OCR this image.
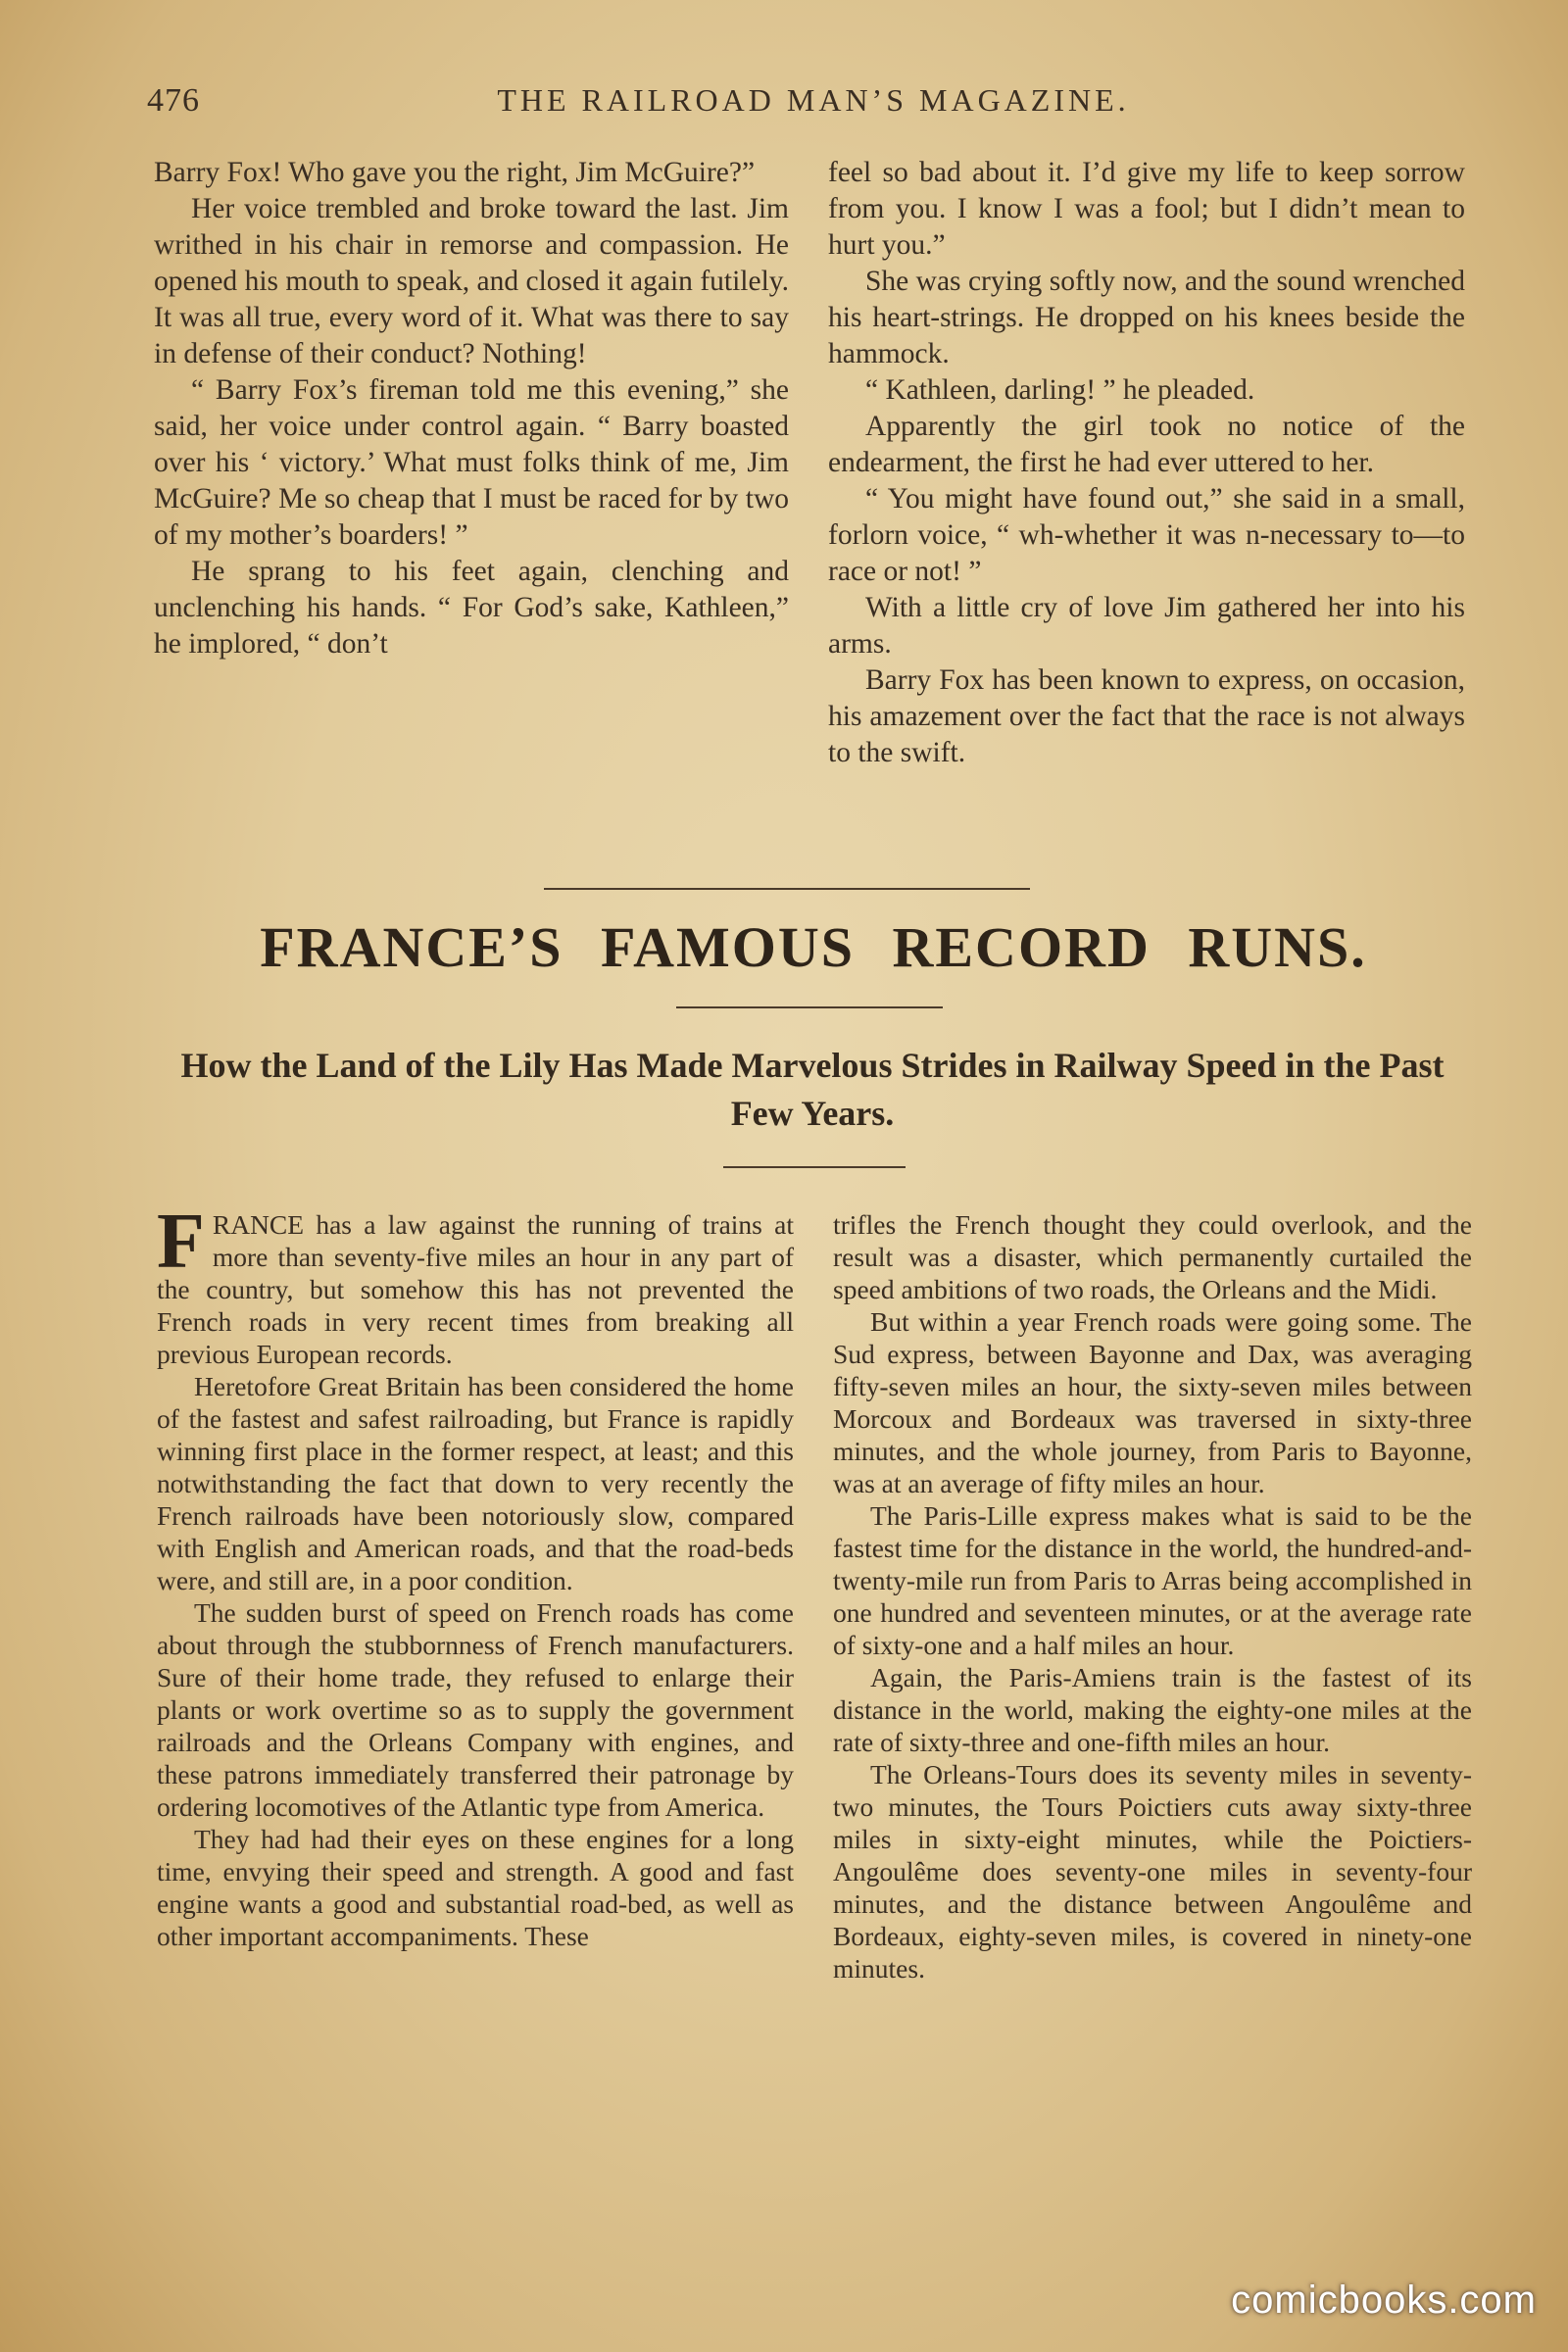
THE RAILROAD MAN’S MAGAZINE.
476

Barry Fox! Who gave you the right, Jim McGuire?”

Her voice trembled and broke toward the last. Jim writhed in his chair in remorse and compassion. He opened his mouth to speak, and closed it again futilely. It was all true, every word of it. What was there to say in defense of their conduct? Nothing!

“ Barry Fox’s fireman told me this evening,” she said, her voice under control again. “ Barry boasted over his ‘ victory.’ What must folks think of me, Jim McGuire? Me so cheap that I must be raced for by two of my mother’s boarders! ”

He sprang to his feet again, clenching and unclenching his hands. “ For God’s sake, Kathleen,” he implored, “ don’t

feel so bad about it. I’d give my life to keep sorrow from you. I know I was a fool; but I didn’t mean to hurt you.”

She was crying softly now, and the sound wrenched his heart-strings. He dropped on his knees beside the hammock.

“ Kathleen, darling! ” he pleaded.

Apparently the girl took no notice of the endearment, the first he had ever uttered to her.

“ You might have found out,” she said in a small, forlorn voice, “ wh-whether it was n-necessary to—to race or not! ”

With a little cry of love Jim gathered her into his arms.

Barry Fox has been known to express, on occasion, his amazement over the fact that the race is not always to the swift.

FRANCE’S FAMOUS RECORD RUNS.
How the Land of the Lily Has Made Marvelous Strides in Railway Speed in the Past Few Years.

FRANCE has a law against the running of trains at more than seventy-five miles an hour in any part of the country, but somehow this has not prevented the French roads in very recent times from breaking all previous European records.

Heretofore Great Britain has been considered the home of the fastest and safest railroading, but France is rapidly winning first place in the former respect, at least; and this notwithstanding the fact that down to very recently the French railroads have been notoriously slow, compared with English and American roads, and that the road-beds were, and still are, in a poor condition.

The sudden burst of speed on French roads has come about through the stubbornness of French manufacturers. Sure of their home trade, they refused to enlarge their plants or work overtime so as to supply the government railroads and the Orleans Company with engines, and these patrons immediately transferred their patronage by ordering locomotives of the Atlantic type from America.

They had had their eyes on these engines for a long time, envying their speed and strength. A good and fast engine wants a good and substantial road-bed, as well as other important accompaniments. These

trifles the French thought they could overlook, and the result was a disaster, which permanently curtailed the speed ambitions of two roads, the Orleans and the Midi.

But within a year French roads were going some. The Sud express, between Bayonne and Dax, was averaging fifty-seven miles an hour, the sixty-seven miles between Morcoux and Bordeaux was traversed in sixty-three minutes, and the whole journey, from Paris to Bayonne, was at an average of fifty miles an hour.

The Paris-Lille express makes what is said to be the fastest time for the distance in the world, the hundred-and-twenty-mile run from Paris to Arras being accomplished in one hundred and seventeen minutes, or at the average rate of sixty-one and a half miles an hour.

Again, the Paris-Amiens train is the fastest of its distance in the world, making the eighty-one miles at the rate of sixty-three and one-fifth miles an hour.

The Orleans-Tours does its seventy miles in seventy-two minutes, the Tours Poictiers cuts away sixty-three miles in sixty-eight minutes, while the Poictiers-Angoulême does seventy-one miles in seventy-four minutes, and the distance between Angoulême and Bordeaux, eighty-seven miles, is covered in ninety-one minutes.

comicbooks.com
